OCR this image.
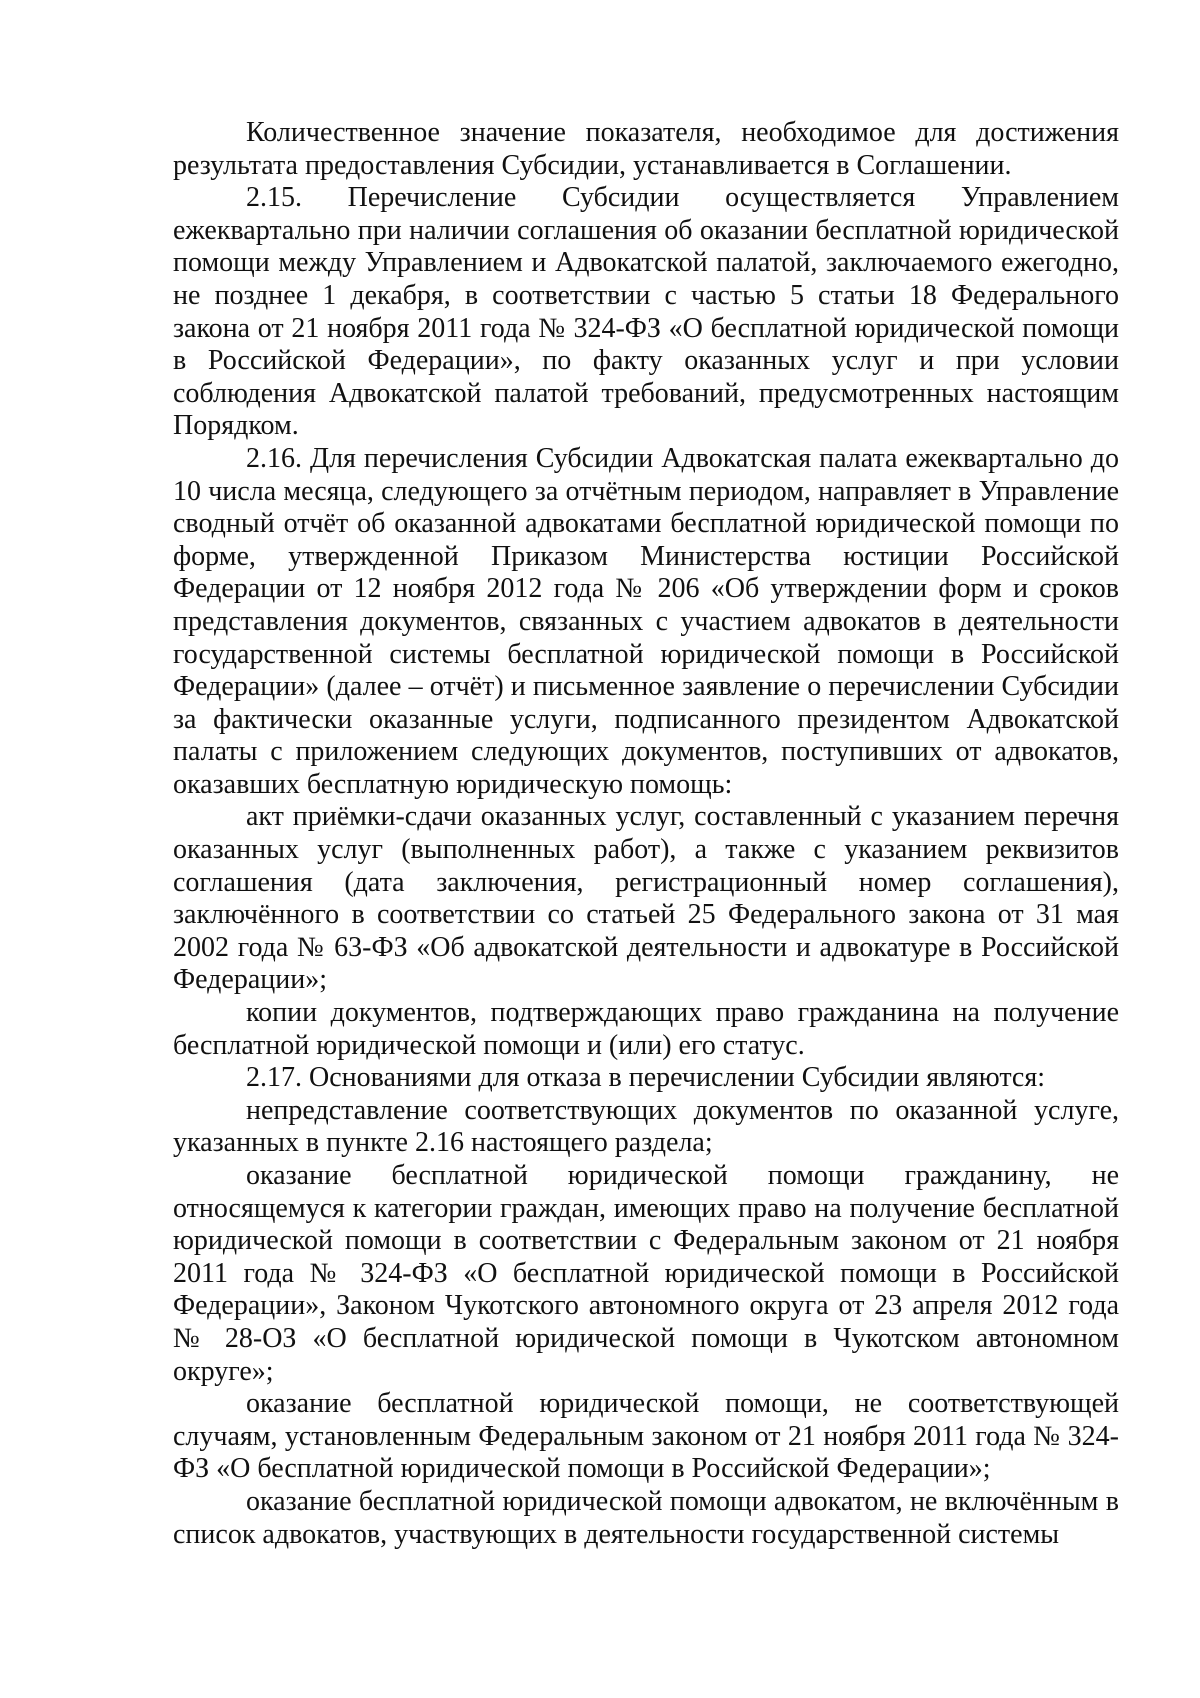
Количественное значение показателя, необходимое для достижения результата предоставления Субсидии, устанавливается в Соглашении.

2.15. Перечисление Субсидии осуществляется Управлением ежеквартально при наличии соглашения об оказании бесплатной юридической помощи между Управлением и Адвокатской палатой, заключаемого ежегодно, не позднее 1 декабря, в соответствии с частью 5 статьи 18 Федерального закона от 21 ноября 2011 года № 324-ФЗ «О бесплатной юридической помощи в Российской Федерации», по факту оказанных услуг и при условии соблюдения Адвокатской палатой требований, предусмотренных настоящим Порядком.

2.16. Для перечисления Субсидии Адвокатская палата ежеквартально до 10 числа месяца, следующего за отчётным периодом, направляет в Управление сводный отчёт об оказанной адвокатами бесплатной юридической помощи по форме, утвержденной Приказом Министерства юстиции Российской Федерации от 12 ноября 2012 года № 206 «Об утверждении форм и сроков представления документов, связанных с участием адвокатов в деятельности государственной системы бесплатной юридической помощи в Российской Федерации» (далее – отчёт) и письменное заявление о перечислении Субсидии за фактически оказанные услуги, подписанного президентом Адвокатской палаты с приложением следующих документов, поступивших от адвокатов, оказавших бесплатную юридическую помощь:

акт приёмки-сдачи оказанных услуг, составленный с указанием перечня оказанных услуг (выполненных работ), а также с указанием реквизитов соглашения (дата заключения, регистрационный номер соглашения), заключённого в соответствии со статьей 25 Федерального закона от 31 мая 2002 года № 63-ФЗ «Об адвокатской деятельности и адвокатуре в Российской Федерации»;

копии документов, подтверждающих право гражданина на получение бесплатной юридической помощи и (или) его статус.

2.17. Основаниями для отказа в перечислении Субсидии являются:

непредставление соответствующих документов по оказанной услуге, указанных в пункте 2.16 настоящего раздела;

оказание бесплатной юридической помощи гражданину, не относящемуся к категории граждан, имеющих право на получение бесплатной юридической помощи в соответствии с Федеральным законом от 21 ноября 2011 года № 324-ФЗ «О бесплатной юридической помощи в Российской Федерации», Законом Чукотского автономного округа от 23 апреля 2012 года № 28-ОЗ «О бесплатной юридической помощи в Чукотском автономном округе»;

оказание бесплатной юридической помощи, не соответствующей случаям, установленным Федеральным законом от 21 ноября 2011 года № 324-ФЗ «О бесплатной юридической помощи в Российской Федерации»;

оказание бесплатной юридической помощи адвокатом, не включённым в список адвокатов, участвующих в деятельности государственной системы
